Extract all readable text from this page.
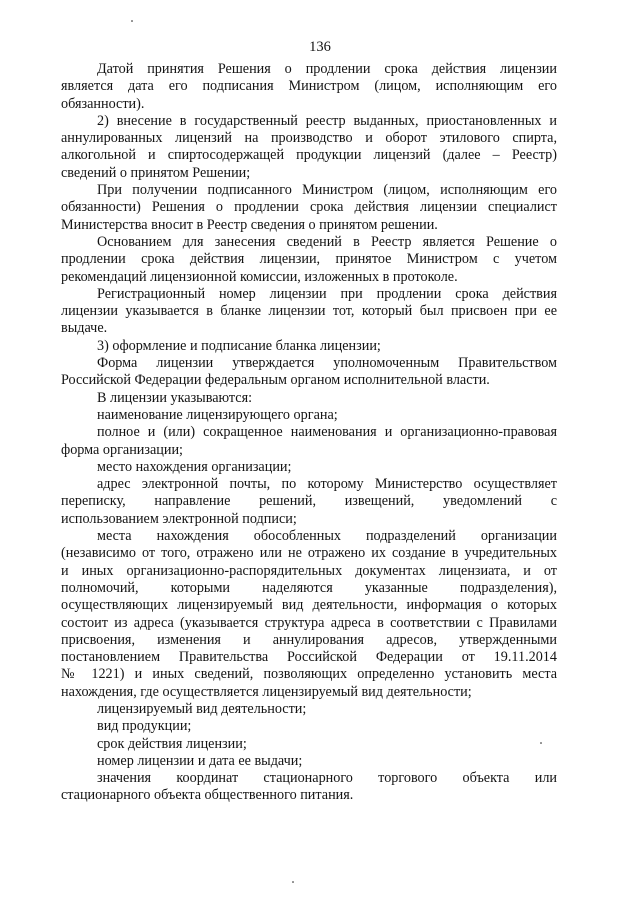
136
Датой принятия Решения о продлении срока действия лицензии
является дата его подписания Министром (лицом, исполняющим его
обязанности).
2) внесение в государственный реестр выданных, приостановленных и
аннулированных лицензий на производство и оборот этилового спирта,
алкогольной и спиртосодержащей продукции лицензий (далее – Реестр)
сведений о принятом Решении;
При получении подписанного Министром (лицом, исполняющим его
обязанности) Решения о продлении срока действия лицензии специалист
Министерства вносит в Реестр сведения о принятом решении.
Основанием для занесения сведений в Реестр является Решение о
продлении срока действия лицензии, принятое Министром с учетом
рекомендаций лицензионной комиссии, изложенных в протоколе.
Регистрационный номер лицензии при продлении срока действия
лицензии указывается в бланке лицензии тот, который был присвоен при ее
выдаче.
3) оформление и подписание бланка лицензии;
Форма лицензии утверждается уполномоченным Правительством
Российской Федерации федеральным органом исполнительной власти.
В лицензии указываются:
наименование лицензирующего органа;
полное и (или) сокращенное наименования и организационно-правовая
форма организации;
место нахождения организации;
адрес электронной почты, по которому Министерство осуществляет
переписку, направление решений, извещений, уведомлений с
использованием электронной подписи;
места нахождения обособленных подразделений организации
(независимо от того, отражено или не отражено их создание в учредительных
и иных организационно-распорядительных документах лицензиата, и от
полномочий, которыми наделяются указанные подразделения),
осуществляющих лицензируемый вид деятельности, информация о которых
состоит из адреса (указывается структура адреса в соответствии с Правилами
присвоения, изменения и аннулирования адресов, утвержденными
постановлением Правительства Российской Федерации от 19.11.2014
№ 1221) и иных сведений, позволяющих определенно установить места
нахождения, где осуществляется лицензируемый вид деятельности;
лицензируемый вид деятельности;
вид продукции;
срок действия лицензии;
номер лицензии и дата ее выдачи;
значения координат стационарного торгового объекта или
стационарного объекта общественного питания.
